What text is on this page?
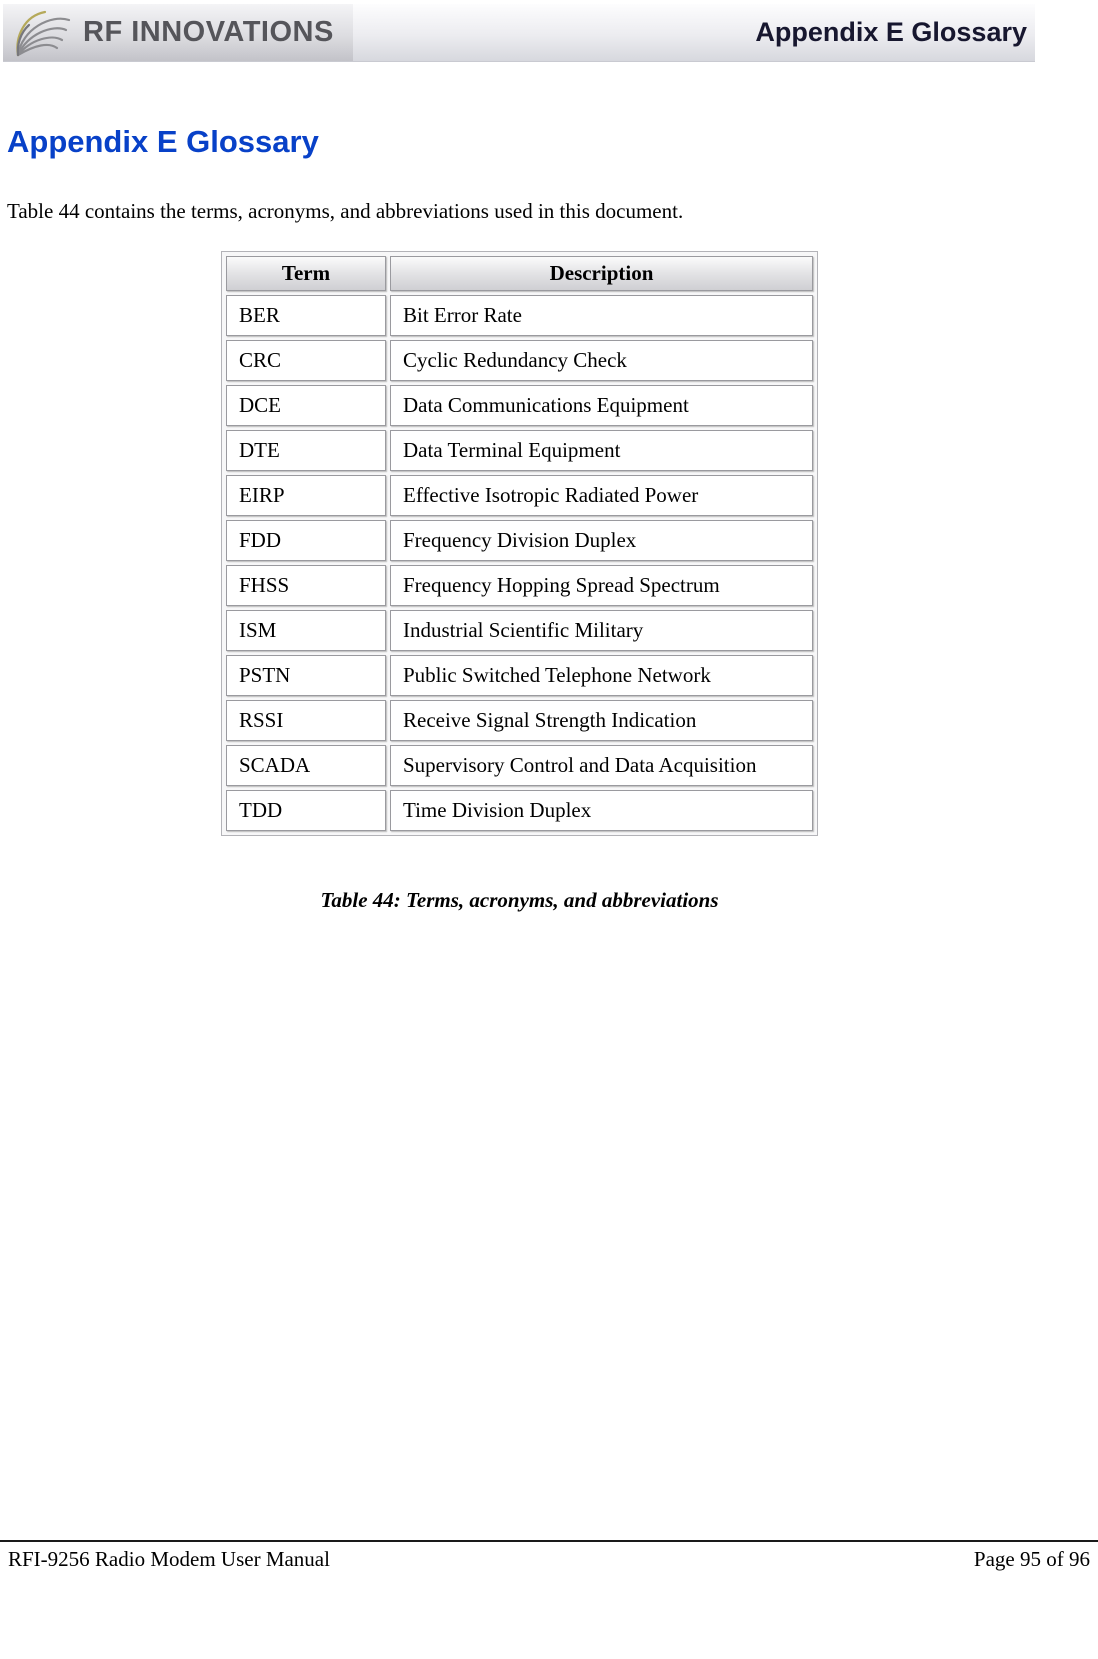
RF INNOVATIONS	Appendix E Glossary
Appendix E Glossary

Table 44 contains the terms, acronyms, and abbreviations used in this document.

Term	Description
BER	Bit Error Rate
CRC	Cyclic Redundancy Check
DCE	Data Communications Equipment
DTE	Data Terminal Equipment
EIRP	Effective Isotropic Radiated Power
FDD	Frequency Division Duplex
FHSS	Frequency Hopping Spread Spectrum
ISM	Industrial Scientific Military
PSTN	Public Switched Telephone Network
RSSI	Receive Signal Strength Indication
SCADA	Supervisory Control and Data Acquisition
TDD	Time Division Duplex
Table 44: Terms, acronyms, and abbreviations
RFI-9256 Radio Modem User Manual	Page 95 of 96
